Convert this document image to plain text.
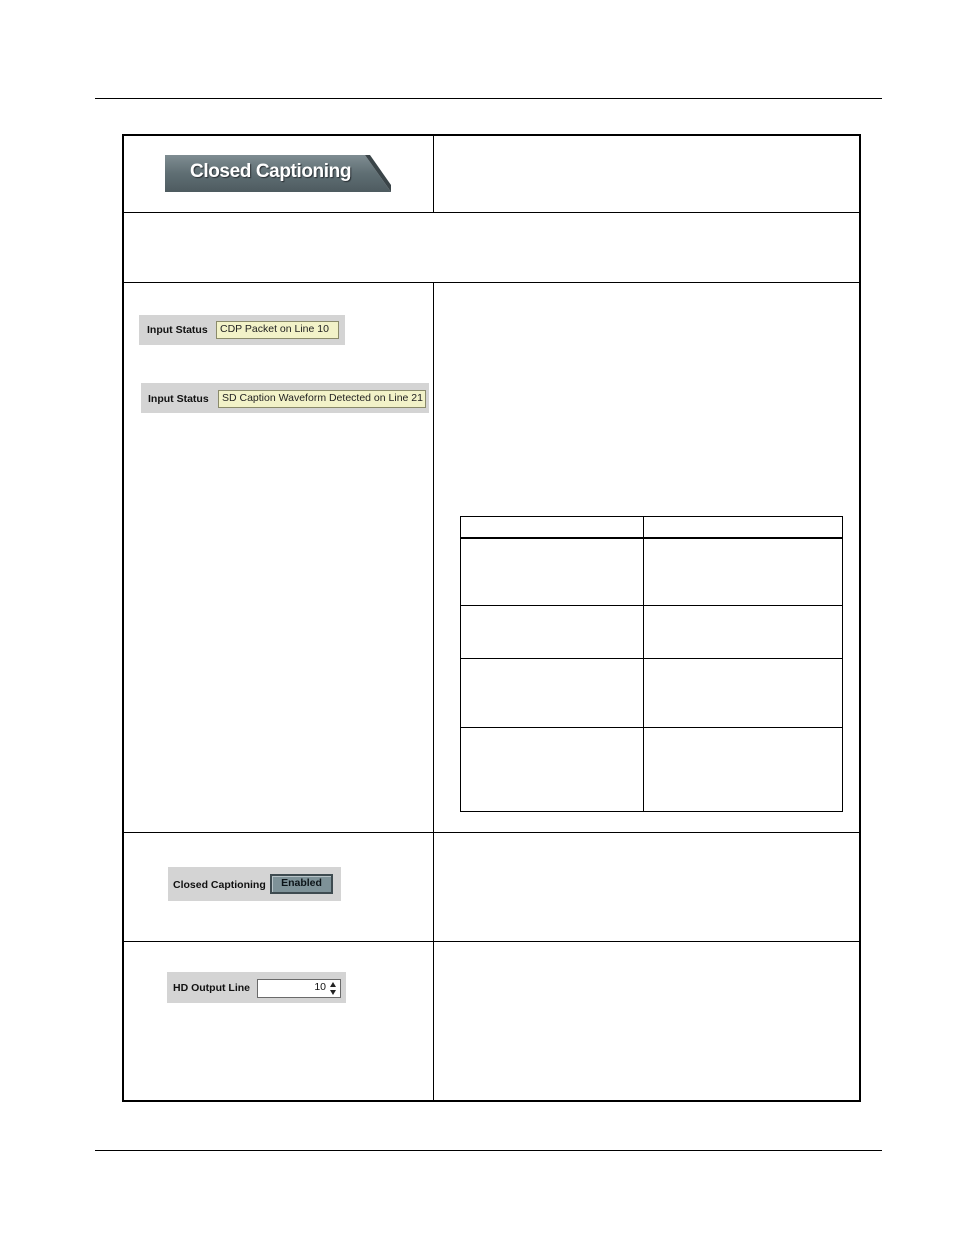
Closed Captioning
Input Status	CDP Packet on Line 10
Input Status	SD Caption Waveform Detected on Line 21
Closed Captioning	Enabled
HD Output Line	10
